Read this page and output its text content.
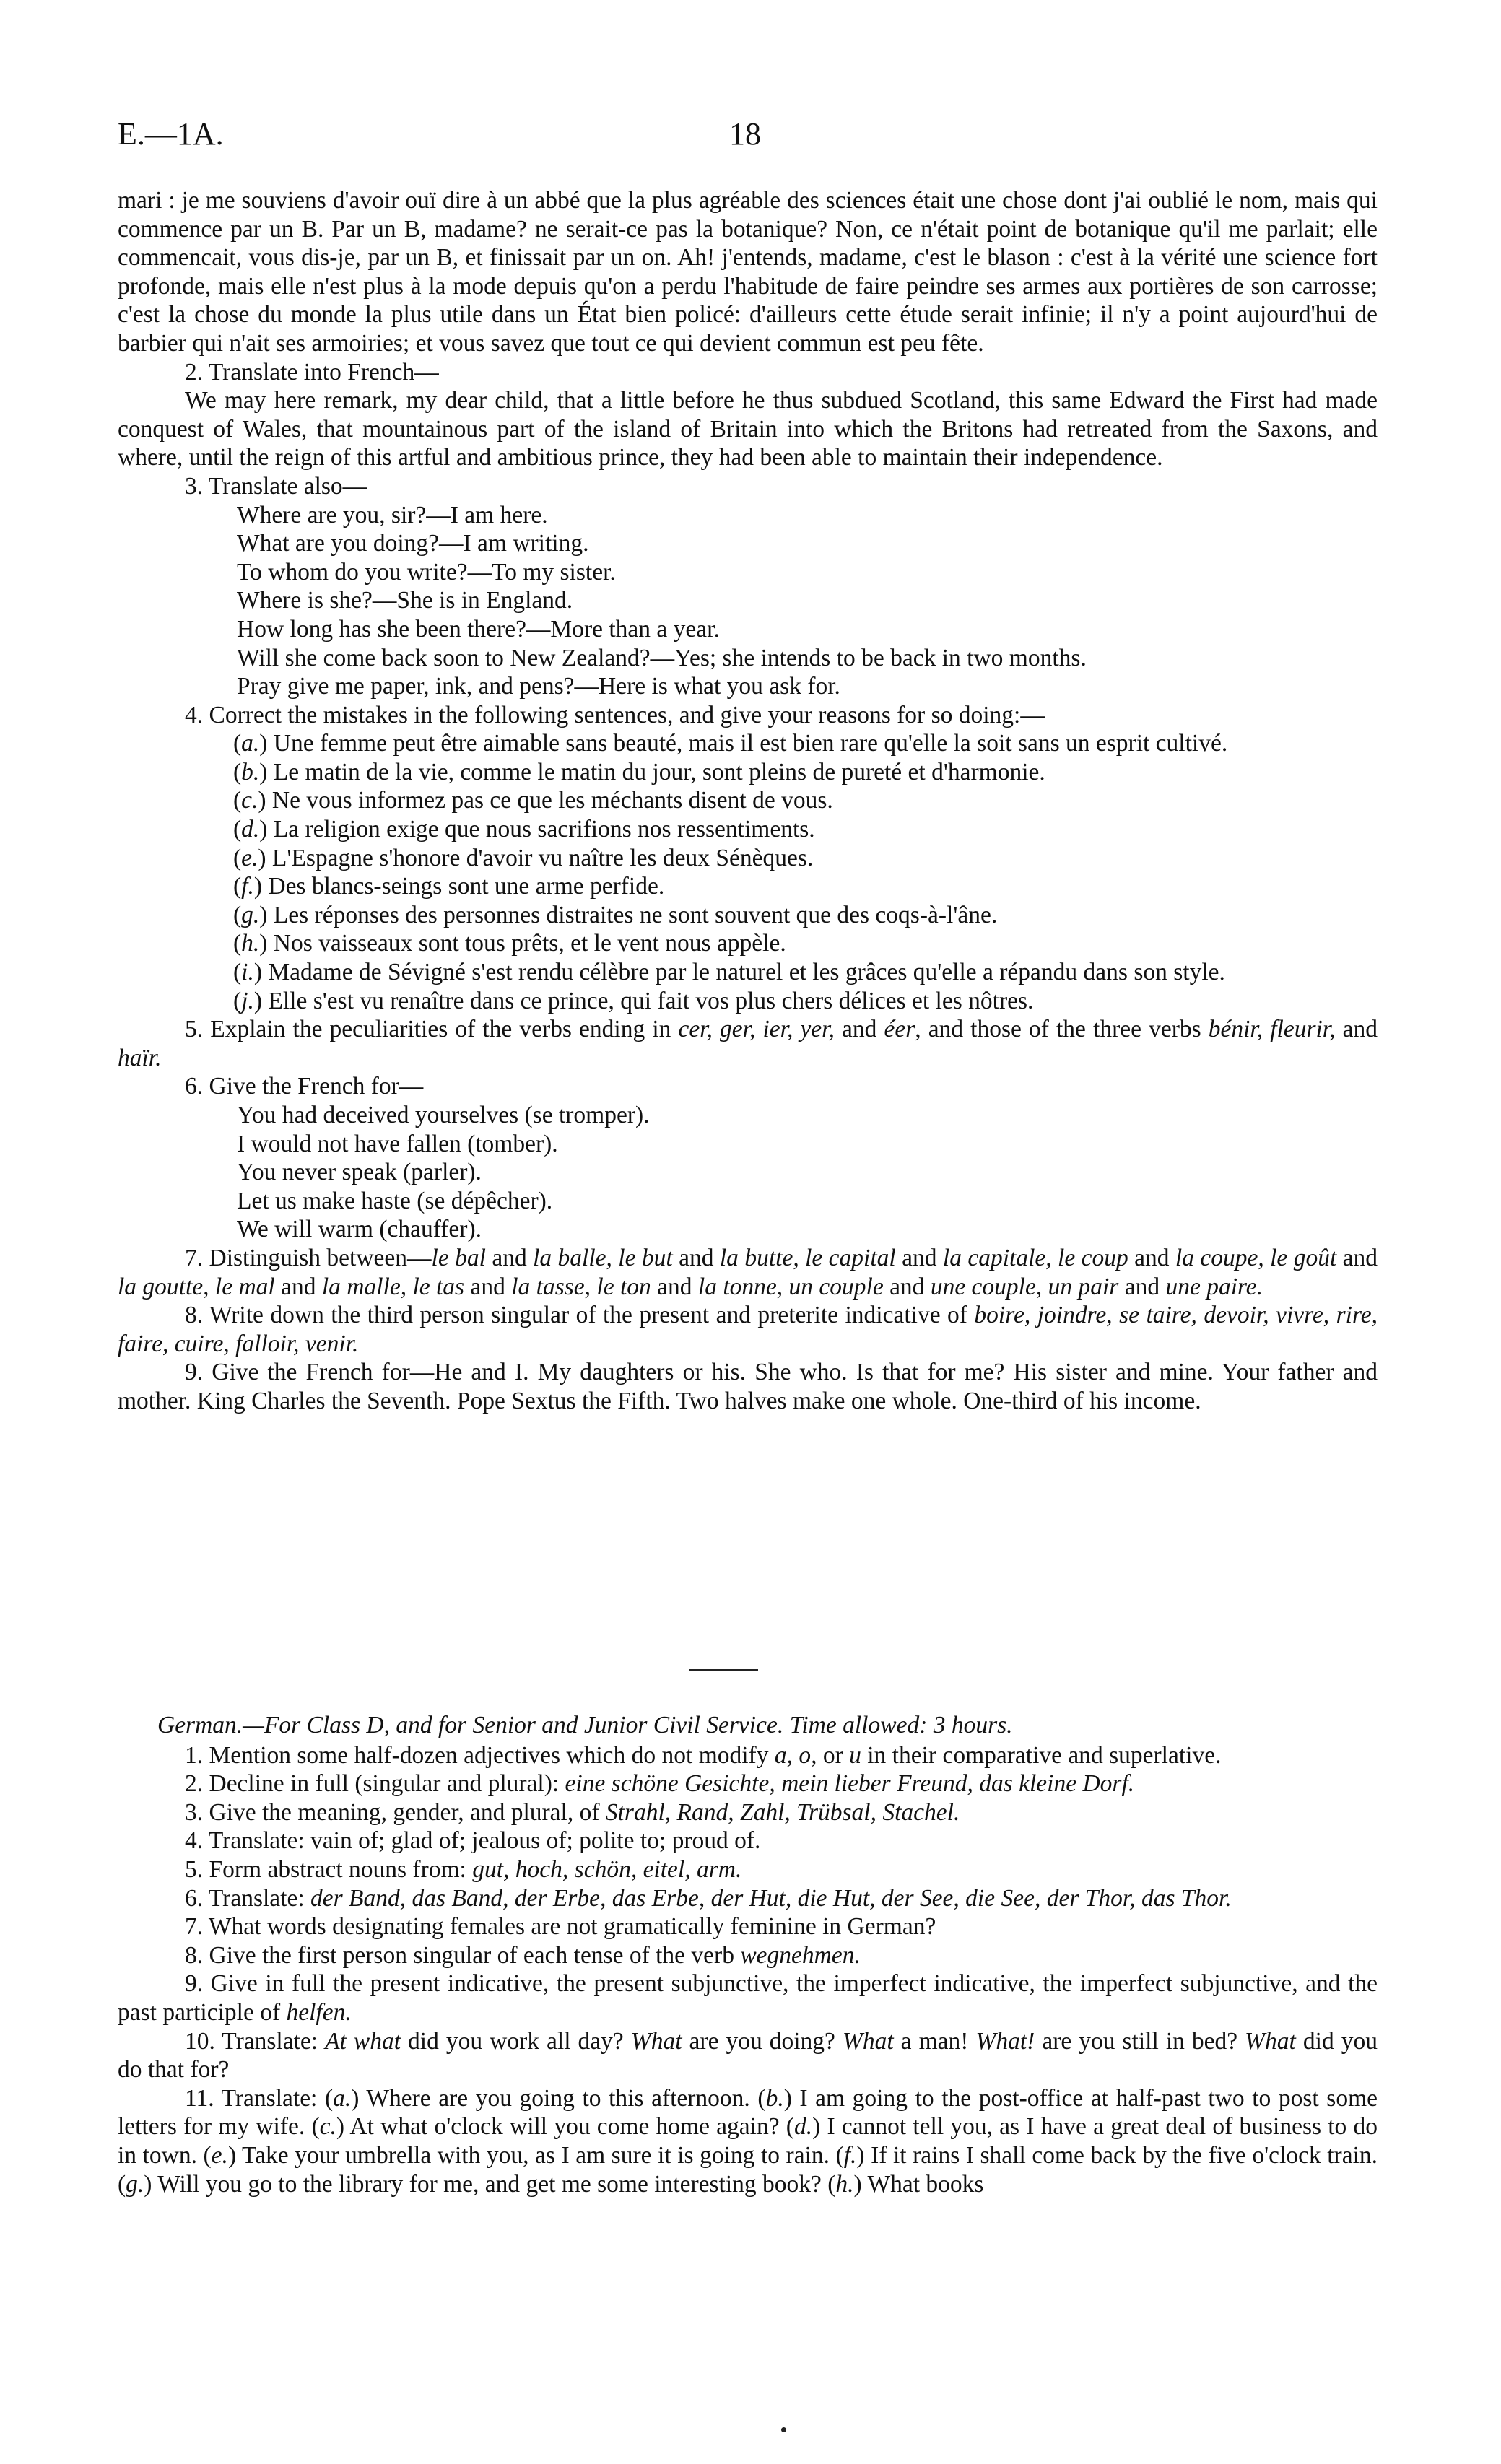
E.—1A.	18

mari : je me souviens d'avoir ouï dire à un abbé que la plus agréable des sciences était une chose dont j'ai oublié le nom, mais qui commence par un B. Par un B, madame? ne serait-ce pas la botanique? Non, ce n'était point de botanique qu'il me parlait; elle commencait, vous dis-je, par un B, et finissait par un on. Ah! j'entends, madame, c'est le blason : c'est à la vérité une science fort profonde, mais elle n'est plus à la mode depuis qu'on a perdu l'habitude de faire peindre ses armes aux portières de son carrosse; c'est la chose du monde la plus utile dans un État bien policé: d'ailleurs cette étude serait infinie; il n'y a point aujourd'hui de barbier qui n'ait ses armoiries; et vous savez que tout ce qui devient commun est peu fête.

2. Translate into French—

We may here remark, my dear child, that a little before he thus subdued Scotland, this same Edward the First had made conquest of Wales, that mountainous part of the island of Britain into which the Britons had retreated from the Saxons, and where, until the reign of this artful and ambitious prince, they had been able to maintain their independence.

3. Translate also—

Where are you, sir?—I am here.

What are you doing?—I am writing.

To whom do you write?—To my sister.

Where is she?—She is in England.

How long has she been there?—More than a year.

Will she come back soon to New Zealand?—Yes; she intends to be back in two months.

Pray give me paper, ink, and pens?—Here is what you ask for.

4. Correct the mistakes in the following sentences, and give your reasons for so doing:—

(a.) Une femme peut être aimable sans beauté, mais il est bien rare qu'elle la soit sans un esprit cultivé.

(b.) Le matin de la vie, comme le matin du jour, sont pleins de pureté et d'harmonie.

(c.) Ne vous informez pas ce que les méchants disent de vous.

(d.) La religion exige que nous sacrifions nos ressentiments.

(e.) L'Espagne s'honore d'avoir vu naître les deux Sénèques.

(f.) Des blancs-seings sont une arme perfide.

(g.) Les réponses des personnes distraites ne sont souvent que des coqs-à-l'âne.

(h.) Nos vaisseaux sont tous prêts, et le vent nous appèle.

(i.) Madame de Sévigné s'est rendu célèbre par le naturel et les grâces qu'elle a répandu dans son style.

(j.) Elle s'est vu renaître dans ce prince, qui fait vos plus chers délices et les nôtres.

5. Explain the peculiarities of the verbs ending in cer, ger, ier, yer, and éer, and those of the three verbs bénir, fleurir, and haïr.

6. Give the French for—

You had deceived yourselves (se tromper).

I would not have fallen (tomber).

You never speak (parler).

Let us make haste (se dépêcher).

We will warm (chauffer).

7. Distinguish between—le bal and la balle, le but and la butte, le capital and la capitale, le coup and la coupe, le goût and la goutte, le mal and la malle, le tas and la tasse, le ton and la tonne, un couple and une couple, un pair and une paire.

8. Write down the third person singular of the present and preterite indicative of boire, joindre, se taire, devoir, vivre, rire, faire, cuire, falloir, venir.

9. Give the French for—He and I. My daughters or his. She who. Is that for me? His sister and mine. Your father and mother. King Charles the Seventh. Pope Sextus the Fifth. Two halves make one whole. One-third of his income.

German.—For Class D, and for Senior and Junior Civil Service. Time allowed: 3 hours.

1. Mention some half-dozen adjectives which do not modify a, o, or u in their comparative and superlative.

2. Decline in full (singular and plural): eine schöne Gesichte, mein lieber Freund, das kleine Dorf.

3. Give the meaning, gender, and plural, of Strahl, Rand, Zahl, Trübsal, Stachel.

4. Translate: vain of; glad of; jealous of; polite to; proud of.

5. Form abstract nouns from: gut, hoch, schön, eitel, arm.

6. Translate: der Band, das Band, der Erbe, das Erbe, der Hut, die Hut, der See, die See, der Thor, das Thor.

7. What words designating females are not gramatically feminine in German?

8. Give the first person singular of each tense of the verb wegnehmen.

9. Give in full the present indicative, the present subjunctive, the imperfect indicative, the imperfect subjunctive, and the past participle of helfen.

10. Translate: At what did you work all day? What are you doing? What a man! What! are you still in bed? What did you do that for?

11. Translate: (a.) Where are you going to this afternoon. (b.) I am going to the post-office at half-past two to post some letters for my wife. (c.) At what o'clock will you come home again? (d.) I cannot tell you, as I have a great deal of business to do in town. (e.) Take your umbrella with you, as I am sure it is going to rain. (f.) If it rains I shall come back by the five o'clock train. (g.) Will you go to the library for me, and get me some interesting book? (h.) What books
